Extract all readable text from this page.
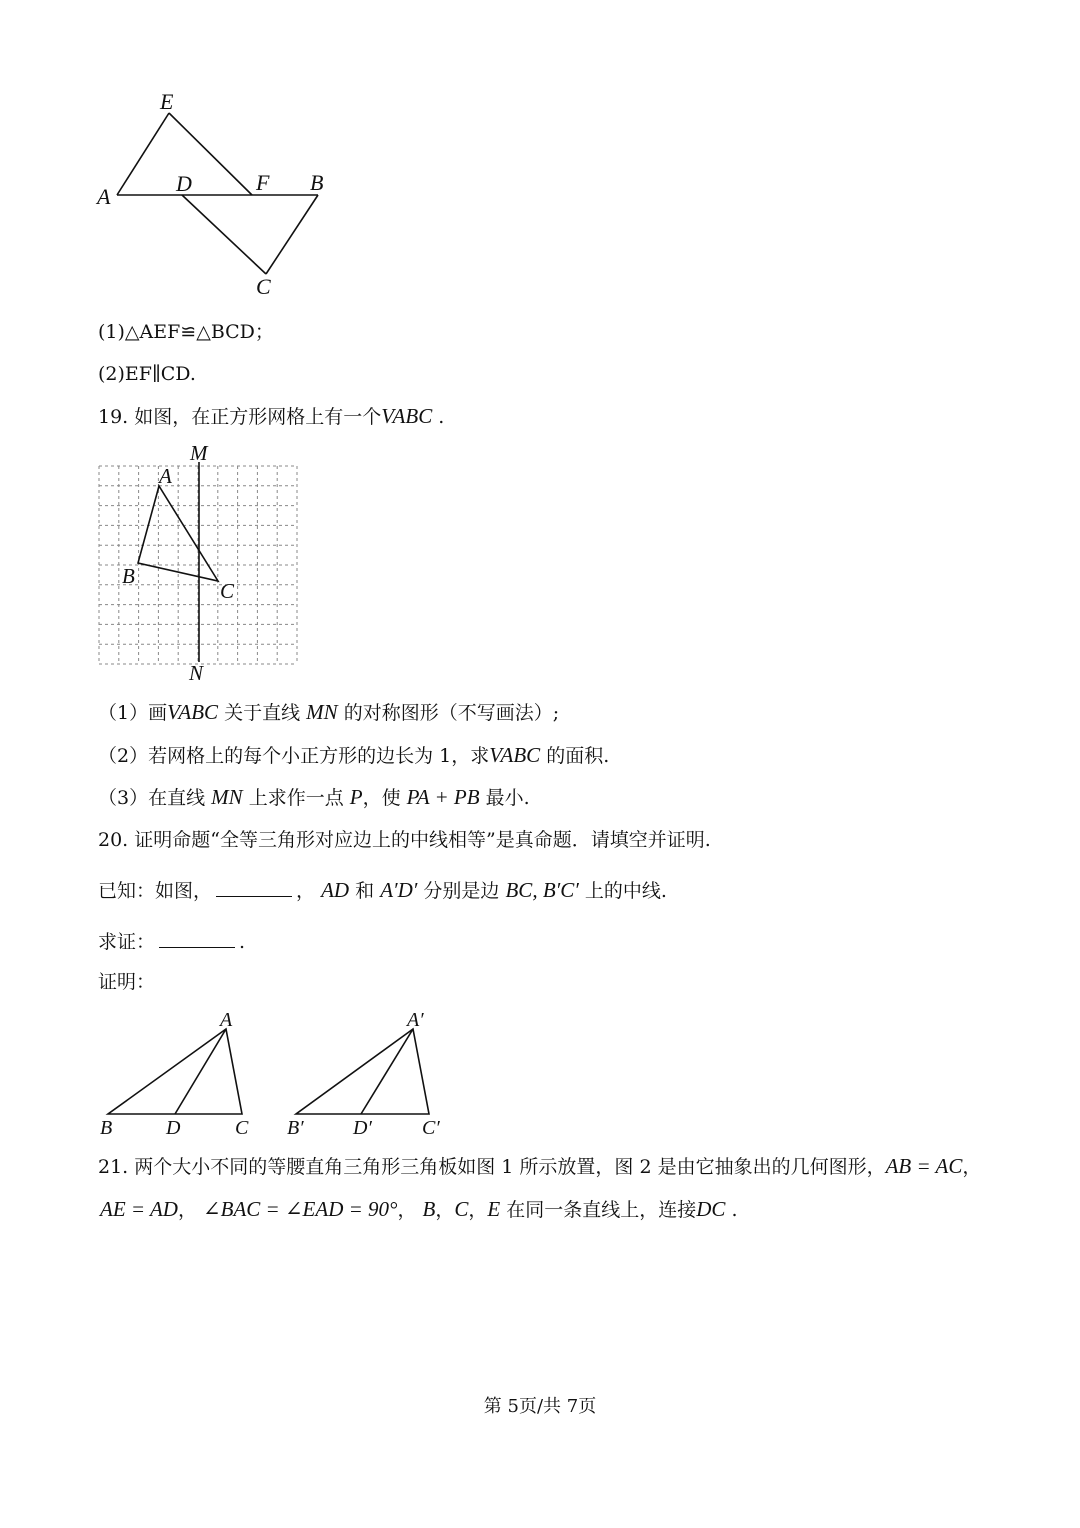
E
A
D	F B
C
(1)△AEF≌△BCD；
(2)EF∥CD.
19. 如图，在正方形网格上有一个VABC .
M
A
B
C
N
（1）画VABC 关于直线 MN 的对称图形（不写画法）;
（2）若网格上的每个小正方形的边长为 1，求VABC 的面积.
（3）在直线 MN 上求作一点 P，使 PA + PB 最小.
20. 证明命题“全等三角形对应边上的中线相等”是真命题．请填空并证明.
已知：如图，	， AD 和 A′D′ 分别是边 BC, B′C′ 上的中线.
求证：	.
证明：
A
B	D	C
A′
B′ D′	C′
21. 两个大小不同的等腰直角三角形三角板如图 1 所示放置，图 2 是由它抽象出的几何图形，AB = AC，
AE = AD， ∠BAC = ∠EAD = 90°， B，C，E 在同一条直线上，连接DC .
第 5页/共 7页
